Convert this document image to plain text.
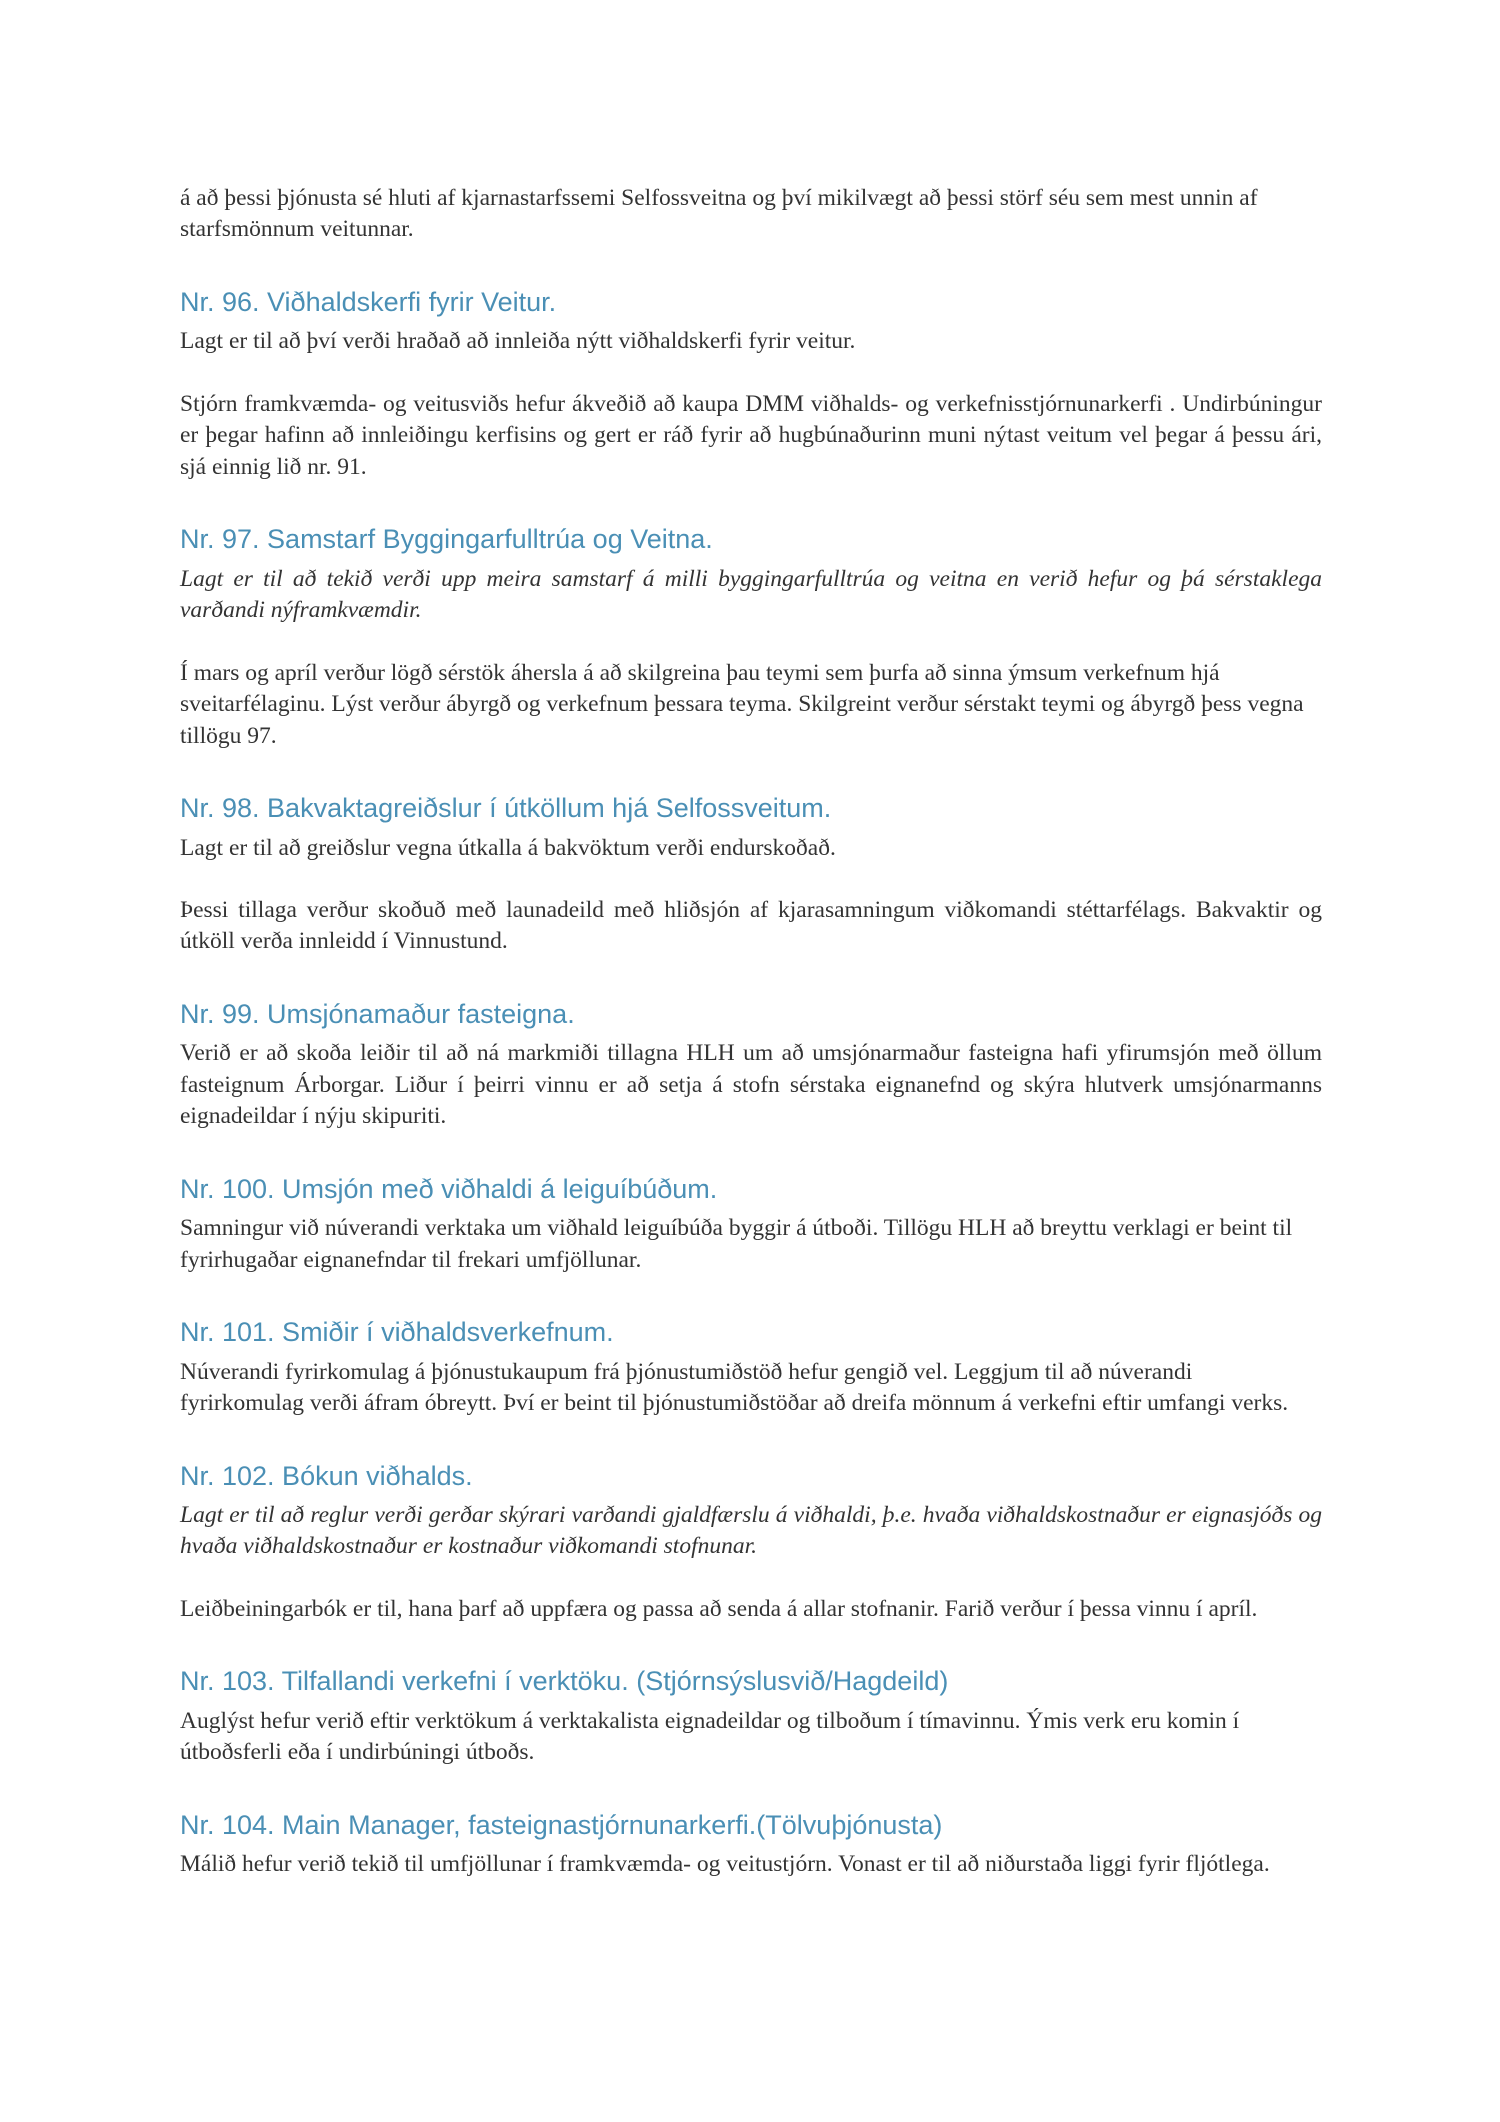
á að þessi þjónusta sé hluti af kjarnastarfssemi Selfossveitna og því mikilvægt að þessi störf séu sem mest unnin af starfsmönnum veitunnar.

Nr. 96. Viðhaldskerfi fyrir Veitur.

Lagt er til að því verði hraðað að innleiða nýtt viðhaldskerfi fyrir veitur.

Stjórn framkvæmda- og veitusviðs hefur ákveðið að kaupa DMM viðhalds- og verkefnisstjórnunarkerfi . Undirbúningur er þegar hafinn að innleiðingu kerfisins og gert er ráð fyrir að hugbúnaðurinn muni nýtast veitum vel þegar á þessu ári, sjá einnig lið nr. 91.

Nr. 97. Samstarf Byggingarfulltrúa og Veitna.

Lagt er til að tekið verði upp meira samstarf á milli byggingarfulltrúa og veitna en verið hefur og þá sérstaklega varðandi nýframkvæmdir.

Í mars og apríl verður lögð sérstök áhersla á að skilgreina þau teymi sem þurfa að sinna ýmsum verkefnum hjá sveitarfélaginu. Lýst verður ábyrgð og verkefnum þessara teyma. Skilgreint verður sérstakt teymi og ábyrgð þess vegna tillögu 97.

Nr. 98. Bakvaktagreiðslur í útköllum hjá Selfossveitum.

Lagt er til að greiðslur vegna útkalla á bakvöktum verði endurskoðað.

Þessi tillaga verður skoðuð með launadeild með hliðsjón af kjarasamningum viðkomandi stéttarfélags. Bakvaktir og útköll verða innleidd í Vinnustund.

Nr. 99. Umsjónamaður fasteigna.

Verið er að skoða leiðir til að ná markmiði tillagna HLH um að umsjónarmaður fasteigna hafi yfirumsjón með öllum fasteignum Árborgar. Liður í þeirri vinnu er að setja á stofn sérstaka eignanefnd og skýra hlutverk umsjónarmanns eignadeildar í nýju skipuriti.

Nr. 100. Umsjón með viðhaldi á leiguíbúðum.

Samningur við núverandi verktaka um viðhald leiguíbúða byggir á útboði. Tillögu HLH að breyttu verklagi er beint til fyrirhugaðar eignanefndar til frekari umfjöllunar.

Nr. 101. Smiðir í viðhaldsverkefnum.

Núverandi fyrirkomulag á þjónustukaupum frá þjónustumiðstöð hefur gengið vel. Leggjum til að núverandi fyrirkomulag verði áfram óbreytt. Því er beint til þjónustumiðstöðar að dreifa mönnum á verkefni eftir umfangi verks.

Nr. 102. Bókun viðhalds.

Lagt er til að reglur verði gerðar skýrari varðandi gjaldfærslu á viðhaldi, þ.e. hvaða viðhaldskostnaður er eignasjóðs og hvaða viðhaldskostnaður er kostnaður viðkomandi stofnunar.

Leiðbeiningarbók er til, hana þarf að uppfæra og passa að senda á allar stofnanir. Farið verður í þessa vinnu í apríl.

Nr. 103. Tilfallandi verkefni í verktöku. (Stjórnsýslusvið/Hagdeild)

Auglýst hefur verið eftir verktökum á verktakalista eignadeildar og tilboðum í tímavinnu. Ýmis verk eru komin í útboðsferli eða í undirbúningi útboðs.

Nr. 104. Main Manager, fasteignastjórnunarkerfi.(Tölvuþjónusta)

Málið hefur verið tekið til umfjöllunar í framkvæmda- og veitustjórn. Vonast er til að niðurstaða liggi fyrir fljótlega.
